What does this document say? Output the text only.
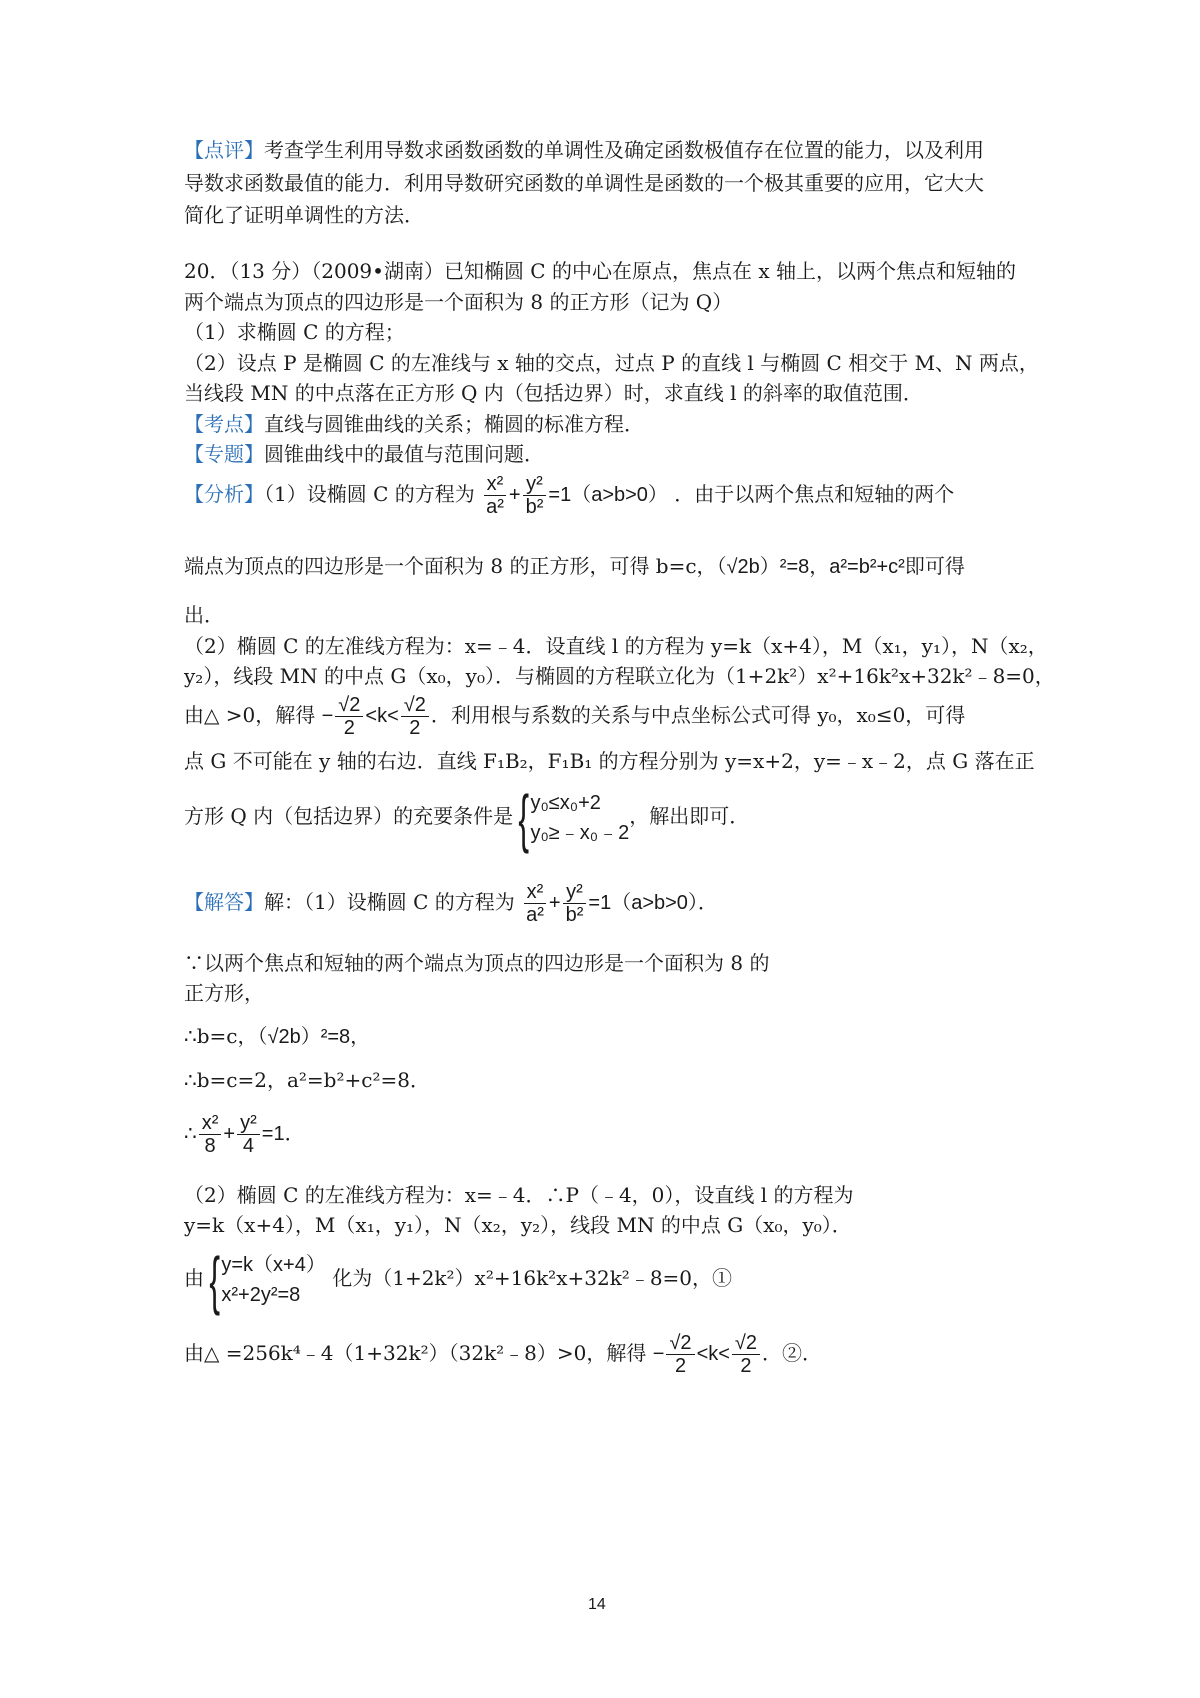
【点评】考查学生利用导数求函数函数的单调性及确定函数极值存在位置的能力，以及利用
导数求函数最值的能力．利用导数研究函数的单调性是函数的一个极其重要的应用，它大大
简化了证明单调性的方法．
20．（13 分）（2009•湖南）已知椭圆 C 的中心在原点，焦点在 x 轴上，以两个焦点和短轴的
两个端点为顶点的四边形是一个面积为 8 的正方形（记为 Q）
（1）求椭圆 C 的方程；
（2）设点 P 是椭圆 C 的左准线与 x 轴的交点，过点 P 的直线 l 与椭圆 C 相交于 M、N 两点，
当线段 MN 的中点落在正方形 Q 内（包括边界）时，求直线 l 的斜率的取值范围．
【考点】直线与圆锥曲线的关系；椭圆的标准方程．
【专题】圆锥曲线中的最值与范围问题．
【分析】（1）设椭圆 C 的方程为 $\frac{\text{x²}}{\text{a²}} + \frac{\text{y²}}{\text{b²}} =1(a>b>0)$ ．由于以两个焦点和短轴的两个
端点为顶点的四边形是一个面积为 8 的正方形，可得 b=c，（√2b）²=8，a²=b²+c²即可得
出．
（2）椭圆 C 的左准线方程为：x=﹣4．设直线 l 的方程为 y=k（x+4），M（x₁，y₁），N（x₂，
y₂），线段 MN 的中点 G（x₀，y₀）．与椭圆的方程联立化为（1+2k²）x²+16k²x+32k²﹣8=0，
由△ >0，解得 − $\frac{√2}{2} <k< \frac{√2}{2}$ ．利用根与系数的关系与中点坐标公式可得 y₀，x₀≤0，可得
点 G 不可能在 y 轴的右边．直线 F₁B₂，F₁B₁ 的方程分别为 y=x+2，y=﹣x﹣2，点 G 落在正
方形 Q 内（包括边界）的充要条件是 { y₀≤x₀+2
y₀≥﹣x₀﹣2
，解出即可．
【解答】解：（1）设椭圆 C 的方程为 $\frac{\text{x²}}{\text{a²}} + \frac{\text{y²}}{\text{b²}} =1(a>b>0)$．
∵以两个焦点和短轴的两个端点为顶点的四边形是一个面积为 8 的
正方形，
∴b=c，（√2b）²=8，
∴b=c=2，a²=b²+c²=8．
∴ $\frac{\text{x²}}{8} + \frac{\text{y²}}{4} =1$．
（2）椭圆 C 的左准线方程为：x=﹣4．∴P（﹣4，0），设直线 l 的方程为
y=k（x+4），M（x₁，y₁），N（x₂，y₂），线段 MN 的中点 G（x₀，y₀）．
由 { y=k（x+4）
x²+2y²=8
化为（1+2k²）x²+16k²x+32k²﹣8=0，①
由△ =256k⁴﹣4（1+32k²）（32k²﹣8）>0，解得 − $\frac{√2}{2} <k< \frac{√2}{2}$ ．②．
14
